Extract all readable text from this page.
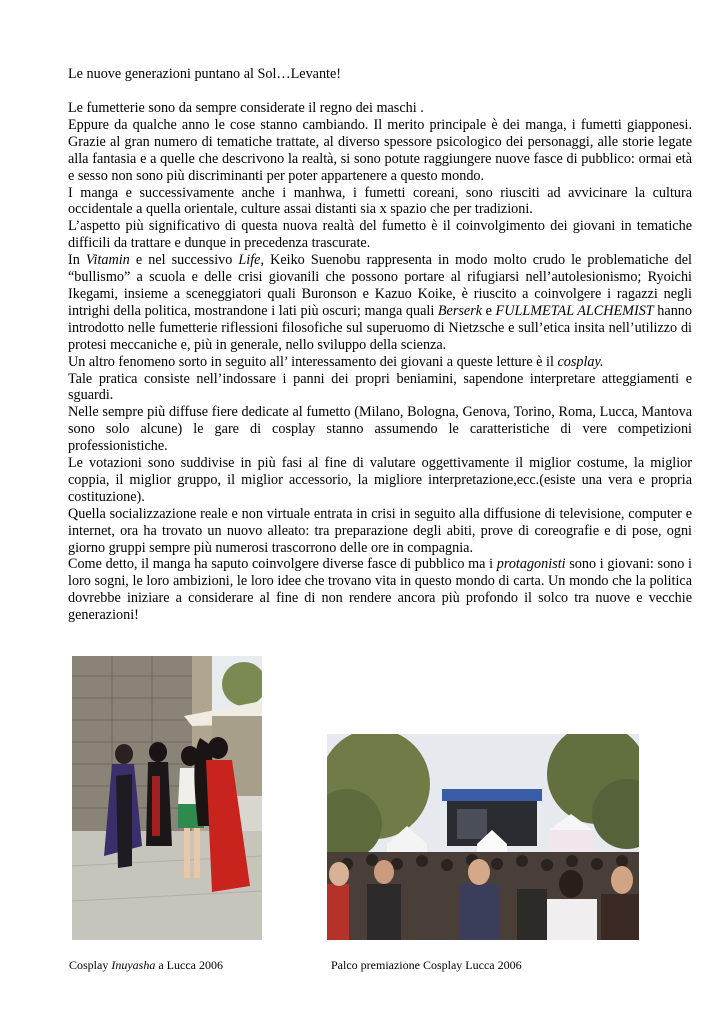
Le nuove generazioni puntano al Sol…Levante!

Le fumetterie sono da sempre considerate il regno dei maschi .

Eppure da qualche anno le cose stanno cambiando. Il merito principale è dei manga, i fumetti giapponesi. Grazie al gran numero di tematiche trattate, al diverso spessore psicologico dei personaggi, alle storie legate alla fantasia e a quelle che descrivono la realtà, si sono potute raggiungere nuove fasce di pubblico: ormai età e sesso non sono più discriminanti per poter appartenere a questo mondo.

I manga e successivamente anche i manhwa, i fumetti coreani, sono riusciti ad avvicinare la cultura occidentale a quella orientale, culture assai distanti sia x spazio che per tradizioni.

L’aspetto più significativo di questa nuova realtà del fumetto è il coinvolgimento dei giovani in tematiche difficili da trattare e dunque in precedenza trascurate.

In Vitamin e nel successivo Life, Keiko Suenobu rappresenta in modo molto crudo le problematiche del “bullismo” a scuola e delle crisi giovanili che possono portare al rifugiarsi nell’autolesionismo; Ryoichi Ikegami, insieme a sceneggiatori quali Buronson e Kazuo Koike, è riuscito a coinvolgere i ragazzi negli intrighi della politica, mostrandone i lati più oscuri; manga quali Berserk e FULLMETAL ALCHEMIST hanno introdotto nelle fumetterie riflessioni filosofiche sul superuomo di Nietzsche e sull’etica insita nell’utilizzo di protesi meccaniche e, più in generale, nello sviluppo della scienza.

Un altro fenomeno sorto in seguito all’ interessamento dei giovani a queste letture è il cosplay.

Tale pratica consiste nell’indossare i panni dei propri beniamini, sapendone interpretare atteggiamenti e sguardi.

Nelle sempre più diffuse fiere dedicate al fumetto (Milano, Bologna, Genova, Torino, Roma, Lucca, Mantova sono solo alcune) le gare di cosplay stanno assumendo le caratteristiche di vere competizioni professionistiche.

Le votazioni sono suddivise in più fasi al fine di valutare oggettivamente il miglior costume, la miglior coppia, il miglior gruppo, il miglior accessorio, la migliore interpretazione,ecc.(esiste una vera e propria costituzione).

Quella socializzazione reale e non virtuale entrata in crisi in seguito alla diffusione di televisione, computer e internet, ora ha trovato un nuovo alleato: tra preparazione degli abiti, prove di coreografie e di pose, ogni giorno gruppi sempre più numerosi trascorrono delle ore in compagnia.

Come detto, il manga ha saputo coinvolgere diverse fasce di pubblico ma i protagonisti sono i giovani: sono i loro sogni, le loro ambizioni, le loro idee che trovano vita in questo mondo di carta. Un mondo che la politica dovrebbe iniziare a considerare al fine di non rendere ancora più profondo il solco tra nuove e vecchie generazioni!

Cosplay Inuyasha a Lucca 2006	Palco premiazione Cosplay Lucca 2006
